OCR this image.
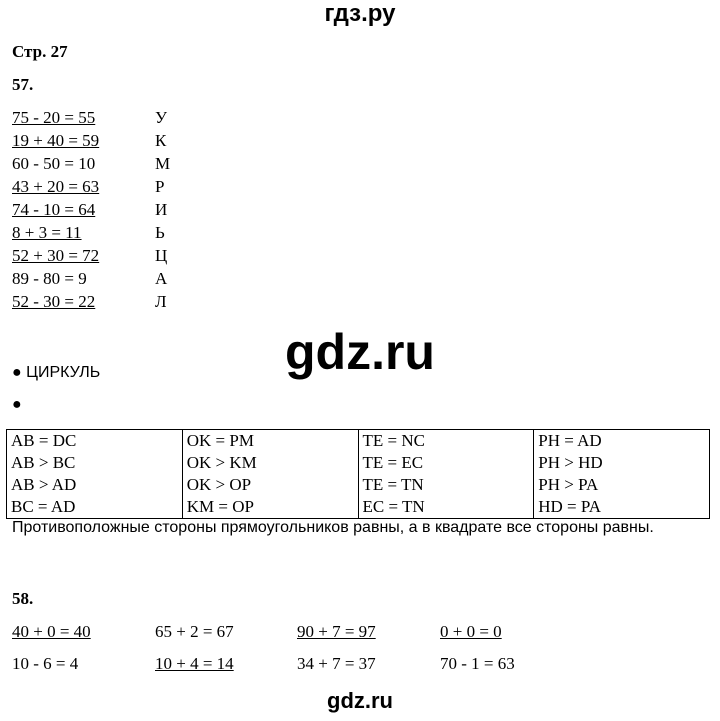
гдз.ру
Стр. 27
57.
75 - 20 = 55	У
19 + 40 = 59	К
60 - 50 = 10	М
43 + 20 = 63	Р
74 - 10 = 64	И
8 + 3 = 11	Ь
52 + 30 = 72	Ц
89 - 80 = 9	А
52 - 30 = 22	Л
gdz.ru
● ЦИРКУЛЬ
●
AB = DC	OK = PM	TE = NC	PH = AD
AB > BC	OK > KM	TE = EC	PH > HD
AB > AD	OK > OP	TE = TN	PH > PA
BC = AD	KM = OP	EC = TN	HD = PA
Противоположные стороны прямоугольников равны, а в квадрате все стороны равны.
58.
40 + 0 = 40	65 + 2 = 67	90 + 7 = 97	0 + 0 = 0
10 - 6 = 4	10 + 4 = 14	34 + 7 = 37	70 - 1 = 63
gdz.ru
